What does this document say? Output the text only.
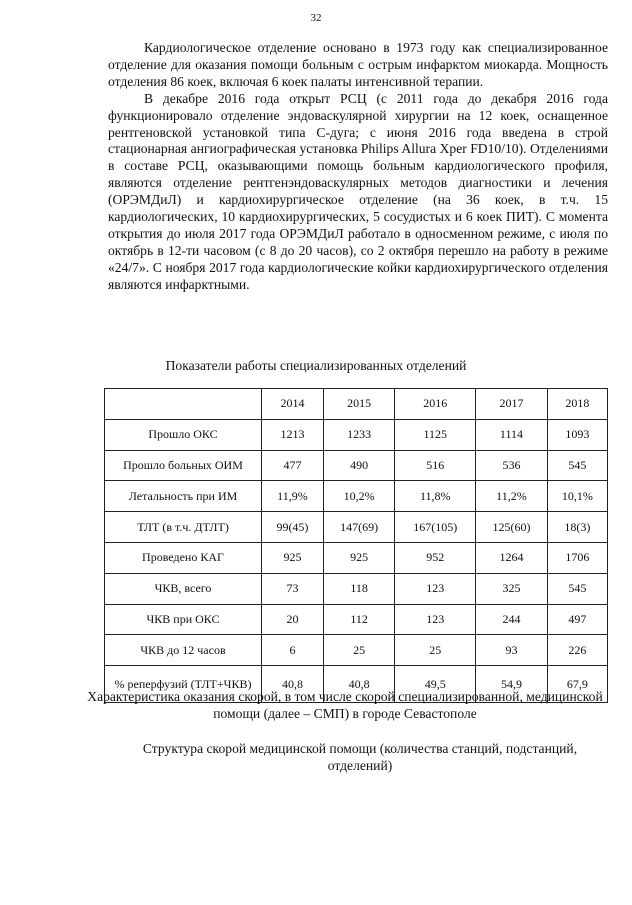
32

Кардиологическое отделение основано в 1973 году как специализированное отделение для оказания помощи больным с острым инфарктом миокарда. Мощность отделения 86 коек, включая 6 коек палаты интенсивной терапии.

В декабре 2016 года открыт РСЦ (с 2011 года до декабря 2016 года функционировало отделение эндоваскулярной хирургии на 12 коек, оснащенное рентгеновской установкой типа С-дуга; с июня 2016 года введена в строй стационарная ангиографическая установка Philips Allura Xper FD10/10). Отделениями в составе РСЦ, оказывающими помощь больным кардиологического профиля, являются отделение рентгенэндоваскулярных методов диагностики и лечения (ОРЭМДиЛ) и кардиохирургическое отделение (на 36 коек, в т.ч. 15 кардиологических, 10 кардиохирургических, 5 сосудистых и 6 коек ПИТ). С момента открытия до июля 2017 года ОРЭМДиЛ работало в односменном режиме, с июля по октябрь в 12-ти часовом (с 8 до 20 часов), со 2 октября перешло на работу в режиме «24/7». С ноября 2017 года кардиологические койки кардиохирургического отделения являются инфарктными.

Показатели работы специализированных отделений
	2014	2015	2016	2017	2018
Прошло ОКС	1213	1233	1125	1114	1093
Прошло больных ОИМ	477	490	516	536	545
Летальность при ИМ	11,9%	10,2%	11,8%	11,2%	10,1%
ТЛТ (в т.ч. ДТЛТ)	99(45)	147(69)	167(105)	125(60)	18(3)
Проведено КАГ	925	925	952	1264	1706
ЧКВ, всего	73	118	123	325	545
ЧКВ при ОКС	20	112	123	244	497
ЧКВ до 12 часов	6	25	25	93	226
% реперфузий (ТЛТ+ЧКВ)	40,8	40,8	49,5	54,9	67,9
Характеристика оказания скорой, в том числе скорой специализированной, медицинской помощи (далее – СМП) в городе Севастополе
Структура скорой медицинской помощи (количества станций, подстанций, отделений)
